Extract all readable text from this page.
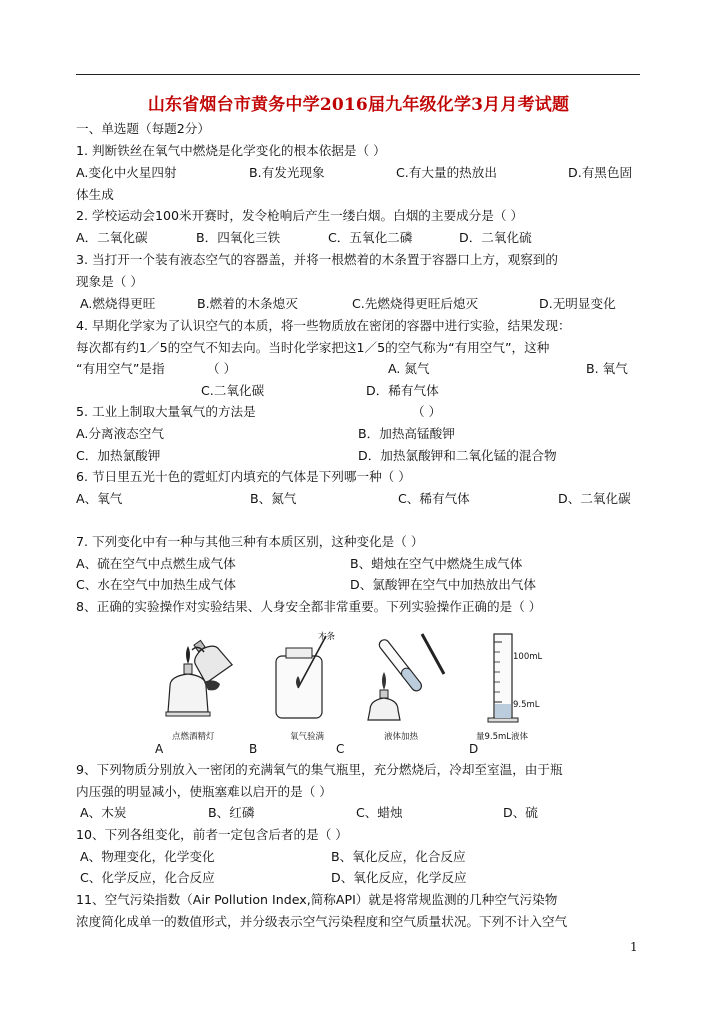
山东省烟台市黄务中学2016届九年级化学3月月考试题
一、单选题（每题2分）
1. 判断铁丝在氧气中燃烧是化学变化的根本依据是（ ）
A.变化中火星四射	B.有发光现象	C.有大量的热放出	D.有黑色固
体生成
2. 学校运动会100米开赛时，发令枪响后产生一缕白烟。白烟的主要成分是（ ）
A．二氧化碳	B．四氧化三铁	C．五氧化二磷	D．二氧化硫
3. 当打开一个装有液态空气的容器盖，并将一根燃着的木条置于容器口上方，观察到的
现象是（ ）
A.燃烧得更旺	B.燃着的木条熄灭	C.先燃烧得更旺后熄灭	D.无明显变化
4. 早期化学家为了认识空气的本质，将一些物质放在密闭的容器中进行实验，结果发现：
每次都有约1／5的空气不知去向。当时化学家把这1／5的空气称为“有用空气”，这种
“有用空气”是指	（ ）	A. 氮气	B. 氧气
C.二氧化碳	D．稀有气体
5. 工业上制取大量氧气的方法是	（ ）
A.分离液态空气	B．加热高锰酸钾
C．加热氯酸钾	D．加热氯酸钾和二氧化锰的混合物
6. 节日里五光十色的霓虹灯内填充的气体是下列哪一种（ ）
A、氧气	B、氮气	C、稀有气体	D、二氧化碳
7. 下列变化中有一种与其他三种有本质区别，这种变化是（ ）
A、硫在空气中点燃生成气体	B、蜡烛在空气中燃烧生成气体
C、水在空气中加热生成气体	D、氯酸钾在空气中加热放出气体
8、正确的实验操作对实验结果、人身安全都非常重要。下列实验操作正确的是（ ）
点燃酒精灯
木条
氧气验满	液体加热
100mL
9.5mL
量9.5mL液体
A	B	C	D
9、下列物质分别放入一密闭的充满氧气的集气瓶里，充分燃烧后，冷却至室温，由于瓶
内压强的明显减小，使瓶塞难以启开的是（ ）
A、木炭	B、红磷	C、蜡烛	D、硫
10、下列各组变化，前者一定包含后者的是（ ）
A、物理变化，化学变化	B、氧化反应，化合反应
C、化学反应，化合反应	D、氧化反应，化学反应
11、空气污染指数（Air Pollution Index,简称API）就是将常规监测的几种空气污染物
浓度简化成单一的数值形式，并分级表示空气污染程度和空气质量状况。下列不计入空气
1
